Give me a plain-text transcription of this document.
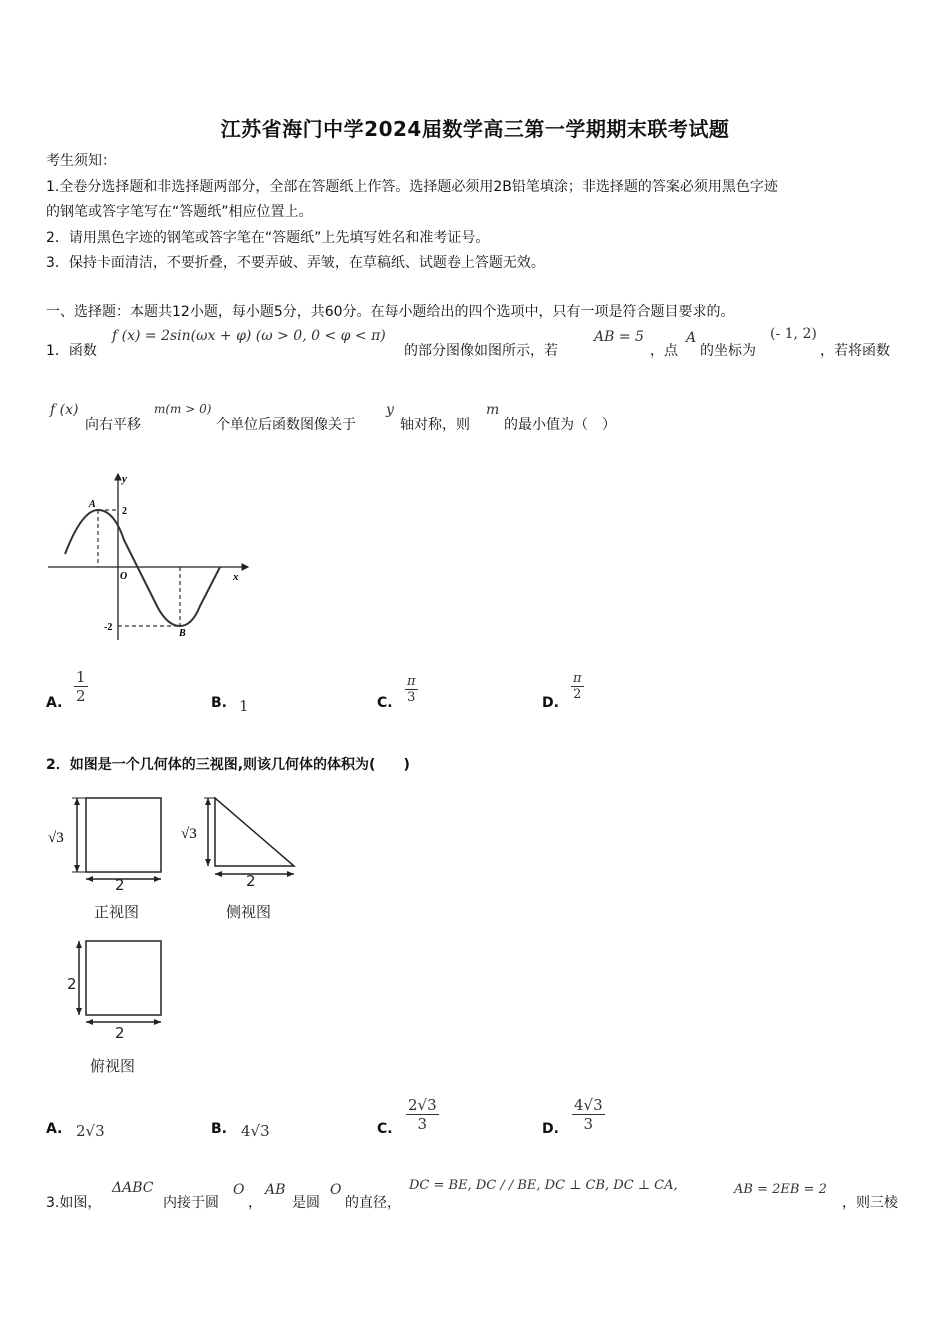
江苏省海门中学2024届数学高三第一学期期末联考试题
考生须知：
1.全卷分选择题和非选择题两部分，全部在答题纸上作答。选择题必须用2B铅笔填涂；非选择题的答案必须用黑色字迹
的钢笔或答字笔写在“答题纸”相应位置上。
2．请用黑色字迹的钢笔或答字笔在“答题纸”上先填写姓名和准考证号。
3．保持卡面清洁，不要折叠，不要弄破、弄皱，在草稿纸、试题卷上答题无效。
一、选择题：本题共12小题，每小题5分，共60分。在每小题给出的四个选项中，只有一项是符合题目要求的。
1．函数
f (x) = 2sin(ωx + φ) (ω > 0, 0 < φ < π)
的部分图像如图所示，若
AB = 5
，点
A
的坐标为
(- 1, 2)
，若将函数
f (x)
向右平移
m(m > 0)
个单位后函数图像关于
y
轴对称，则
m
的最小值为（　）
y
x
O
A
B
2
-2
A. $\frac{1}{2}$	B. 1	C. $\frac{\pi}{3}$	D.
$\frac{\pi}{2}$
2．如图是一个几何体的三视图,则该几何体的体积为(　　)
√3
2
正视图
√3
2
侧视图
2
2
俯视图
A. 2√3	B. 4√3	C. $\frac{2√3}{3}$	D. $\frac{4√3}{3}$
3.如图，
ΔABC
内接于圆
O
，
AB
是圆
O
的直径，
DC = BE, DC / / BE, DC ⊥ CB, DC ⊥ CA,	AB = 2EB = 2
，则三棱
